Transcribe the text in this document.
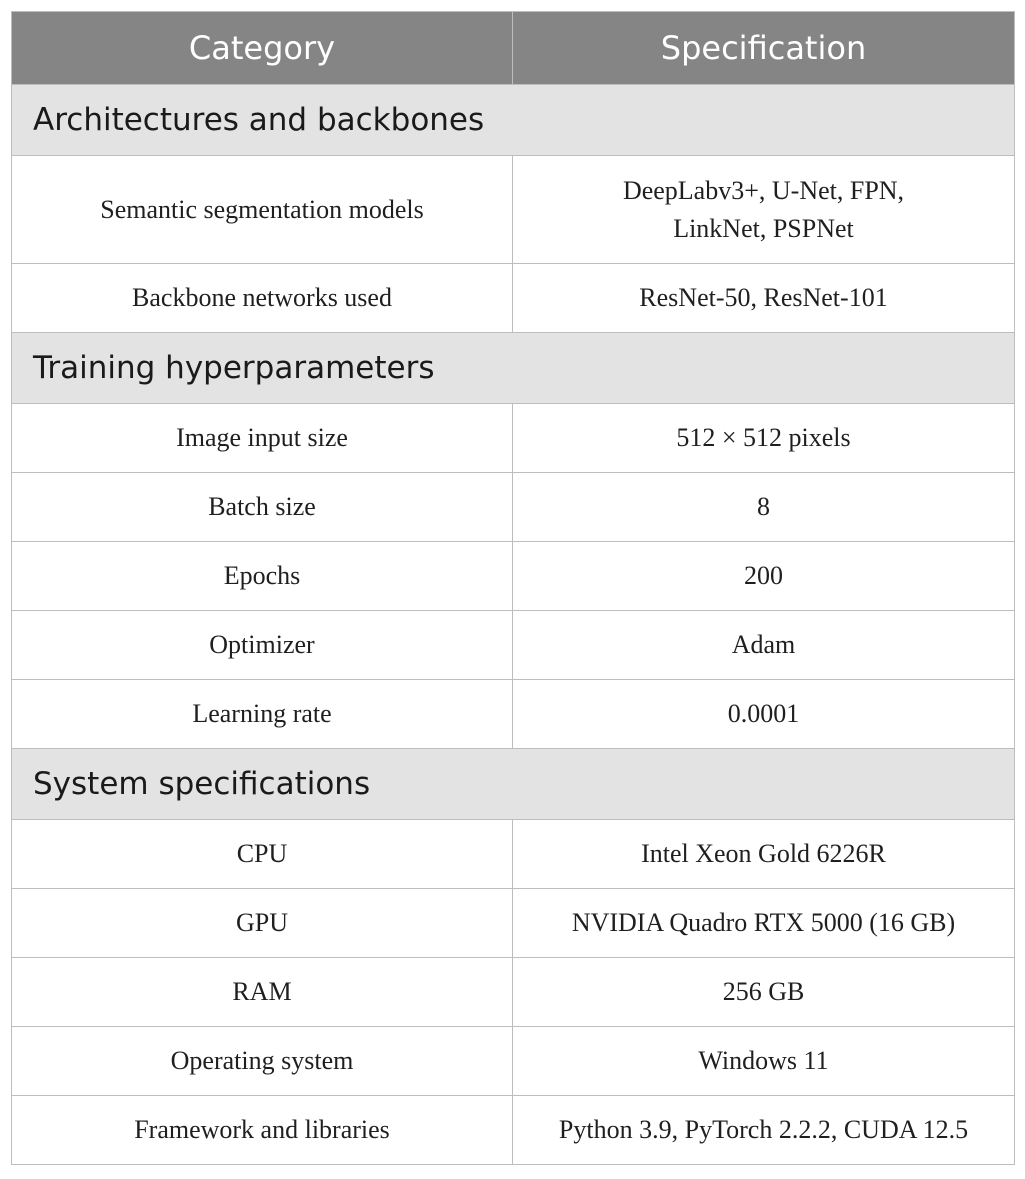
Category	Specification
Architectures and backbones	
Semantic segmentation models	DeepLabv3+, U-Net, FPN,
LinkNet, PSPNet

Backbone networks used	ResNet-50, ResNet-101
Training hyperparameters	
Image input size	512 × 512 pixels
Batch size	8
Epochs	200
Optimizer	Adam
Learning rate	0.0001
System specifications	
CPU	Intel Xeon Gold 6226R
GPU	NVIDIA Quadro RTX 5000 (16 GB)
RAM	256 GB
Operating system	Windows 11
Framework and libraries	Python 3.9, PyTorch 2.2.2, CUDA 12.5
